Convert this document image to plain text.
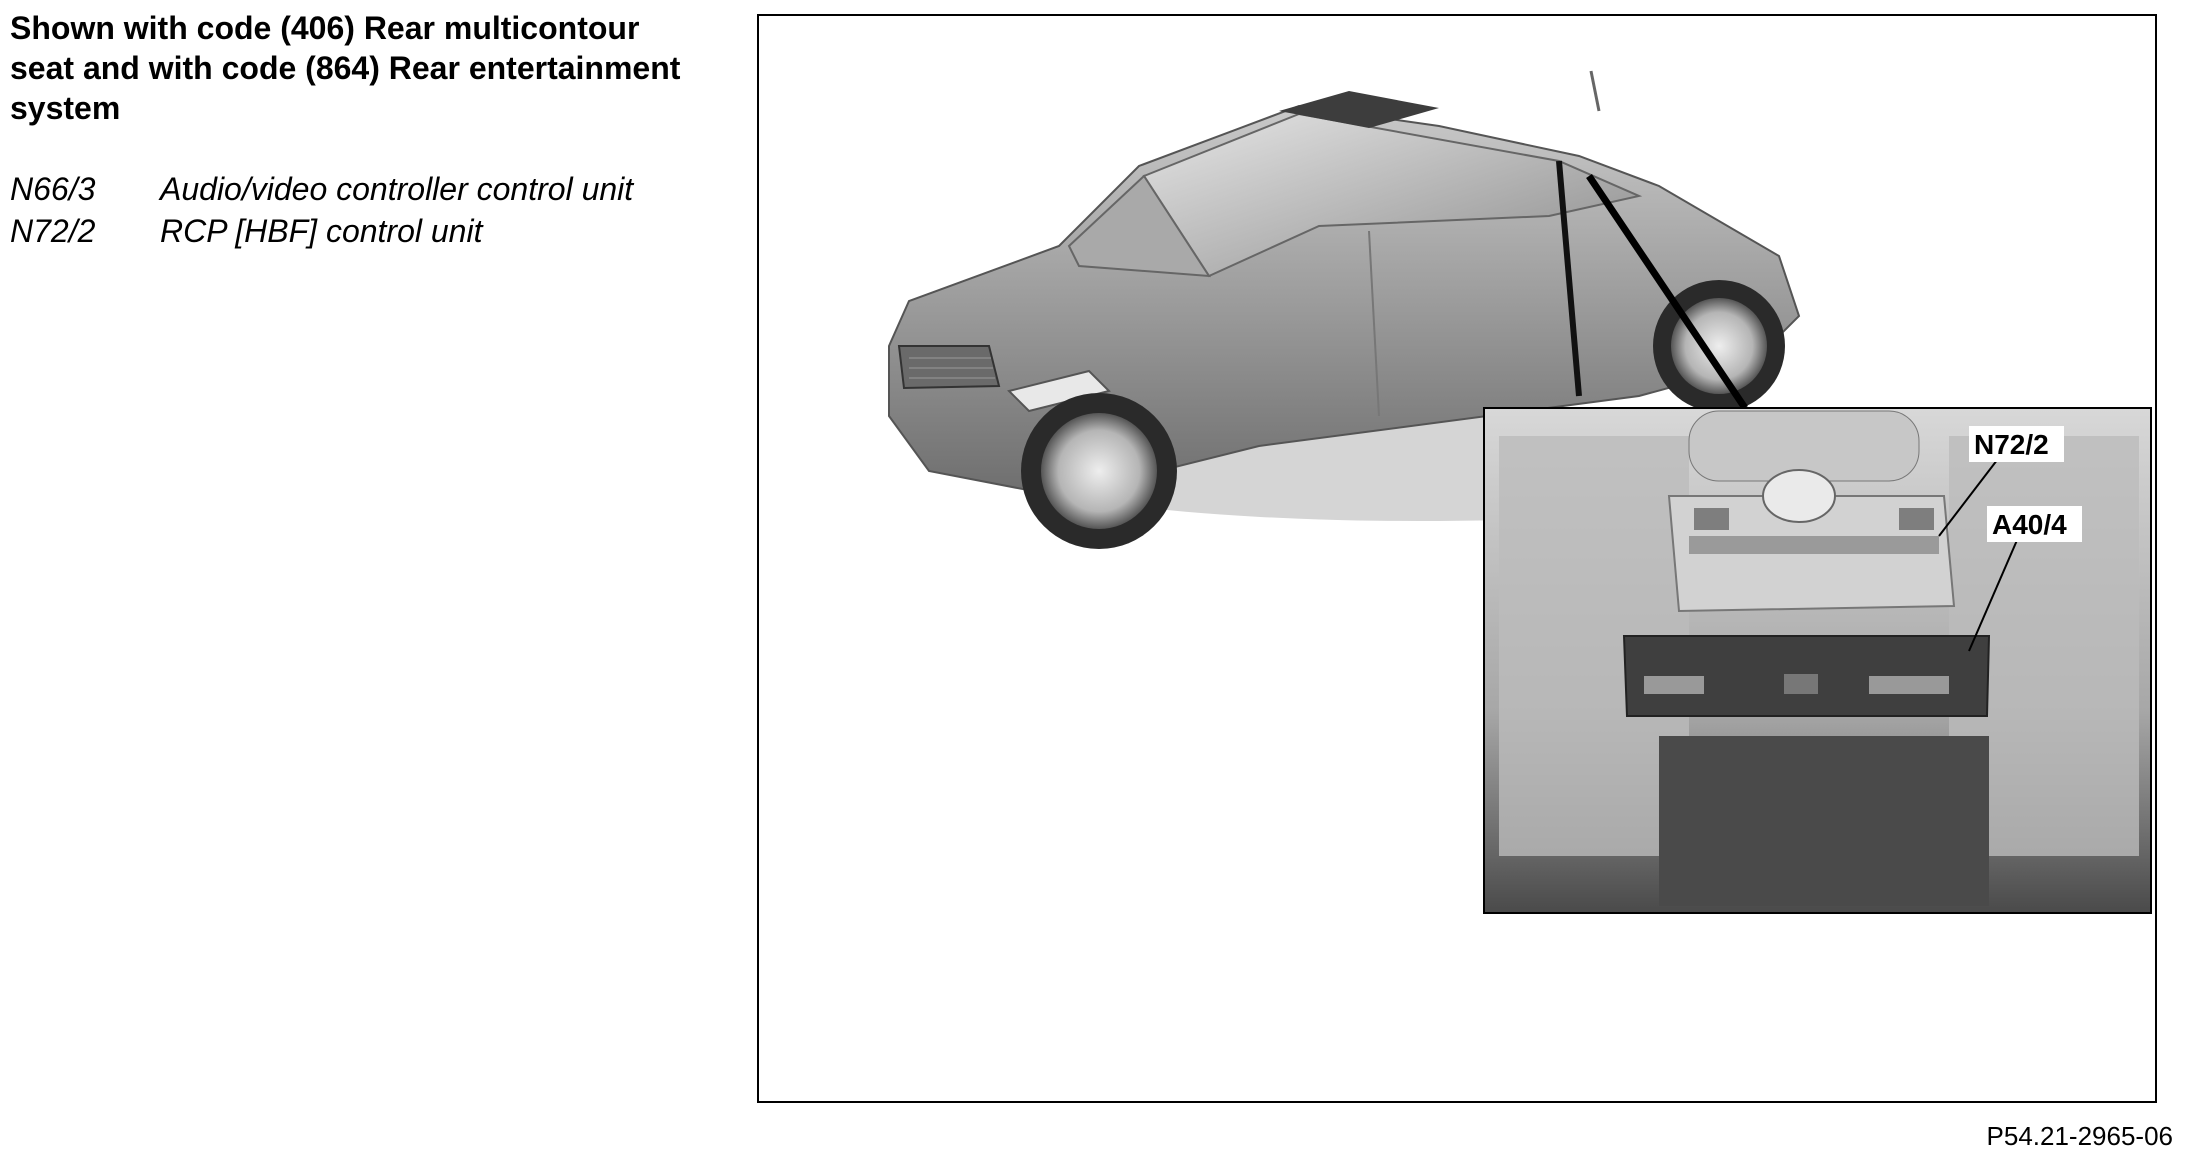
Shown with code (406) Rear multicontour seat and with code (864) Rear entertainment system
N66/3	Audio/video controller control unit
N72/2	RCP [HBF] control unit
N72/2
A40/4
P54.21-2965-06
